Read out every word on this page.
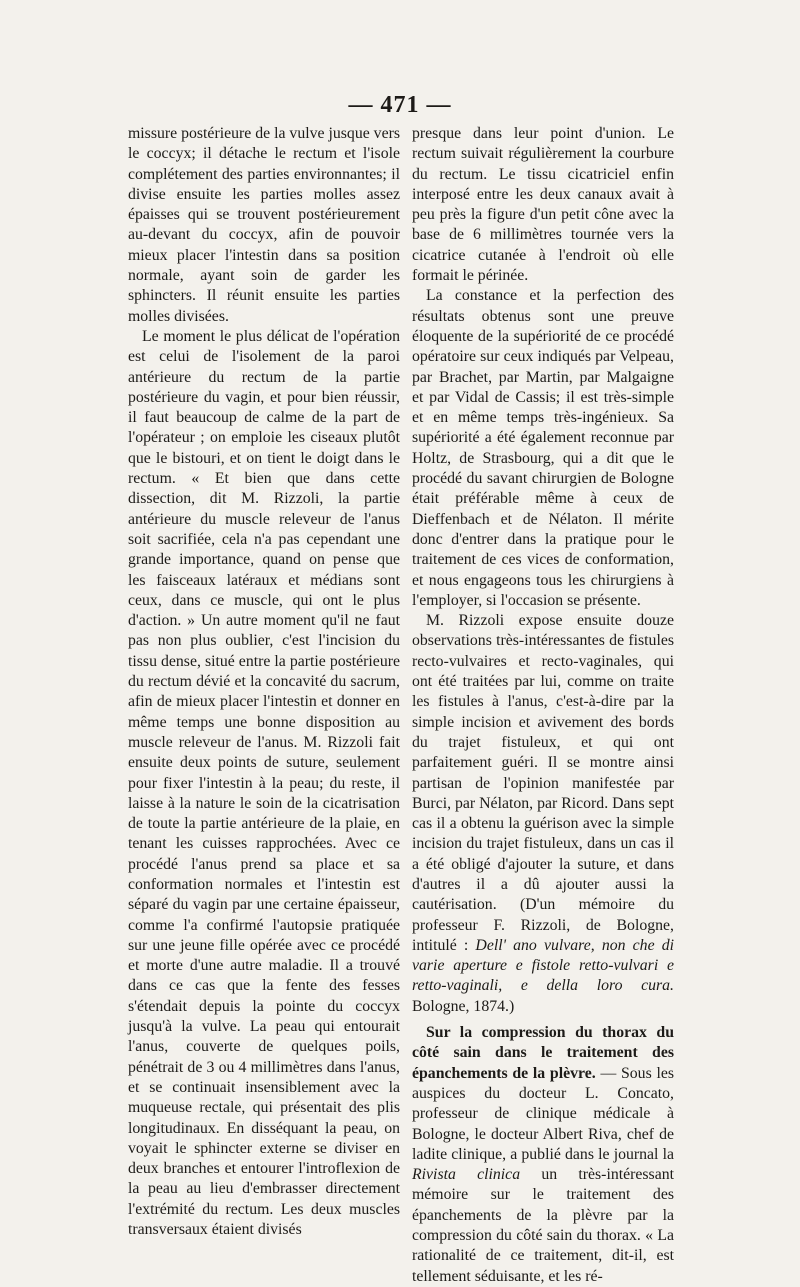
— 471 —

missure postérieure de la vulve jusque vers le coccyx; il détache le rectum et l'isole complétement des parties environnantes; il divise ensuite les parties molles assez épaisses qui se trouvent postérieurement au-devant du coccyx, afin de pouvoir mieux placer l'intestin dans sa position normale, ayant soin de garder les sphincters. Il réunit ensuite les parties molles divisées.

Le moment le plus délicat de l'opération est celui de l'isolement de la paroi antérieure du rectum de la partie postérieure du vagin, et pour bien réussir, il faut beaucoup de calme de la part de l'opérateur ; on emploie les ciseaux plutôt que le bistouri, et on tient le doigt dans le rectum. « Et bien que dans cette dissection, dit M. Rizzoli, la partie antérieure du muscle releveur de l'anus soit sacrifiée, cela n'a pas cependant une grande importance, quand on pense que les faisceaux latéraux et médians sont ceux, dans ce muscle, qui ont le plus d'action. » Un autre moment qu'il ne faut pas non plus oublier, c'est l'incision du tissu dense, situé entre la partie postérieure du rectum dévié et la concavité du sacrum, afin de mieux placer l'intestin et donner en même temps une bonne disposition au muscle releveur de l'anus. M. Rizzoli fait ensuite deux points de suture, seulement pour fixer l'intestin à la peau; du reste, il laisse à la nature le soin de la cicatrisation de toute la partie antérieure de la plaie, en tenant les cuisses rapprochées. Avec ce procédé l'anus prend sa place et sa conformation normales et l'intestin est séparé du vagin par une certaine épaisseur, comme l'a confirmé l'autopsie pratiquée sur une jeune fille opérée avec ce procédé et morte d'une autre maladie. Il a trouvé dans ce cas que la fente des fesses s'étendait depuis la pointe du coccyx jusqu'à la vulve. La peau qui entourait l'anus, couverte de quelques poils, pénétrait de 3 ou 4 millimètres dans l'anus, et se continuait insensiblement avec la muqueuse rectale, qui présentait des plis longitudinaux. En disséquant la peau, on voyait le sphincter externe se diviser en deux branches et entourer l'introflexion de la peau au lieu d'embrasser directement l'extrémité du rectum. Les deux muscles transversaux étaient divisés

presque dans leur point d'union. Le rectum suivait régulièrement la courbure du rectum. Le tissu cicatriciel enfin interposé entre les deux canaux avait à peu près la figure d'un petit cône avec la base de 6 millimètres tournée vers la cicatrice cutanée à l'endroit où elle formait le périnée.

La constance et la perfection des résultats obtenus sont une preuve éloquente de la supériorité de ce procédé opératoire sur ceux indiqués par Velpeau, par Brachet, par Martin, par Malgaigne et par Vidal de Cassis; il est très-simple et en même temps très-ingénieux. Sa supériorité a été également reconnue par Holtz, de Strasbourg, qui a dit que le procédé du savant chirurgien de Bologne était préférable même à ceux de Dieffenbach et de Nélaton. Il mérite donc d'entrer dans la pratique pour le traitement de ces vices de conformation, et nous engageons tous les chirurgiens à l'employer, si l'occasion se présente.

M. Rizzoli expose ensuite douze observations très-intéressantes de fistules recto-vulvaires et recto-vaginales, qui ont été traitées par lui, comme on traite les fistules à l'anus, c'est-à-dire par la simple incision et avivement des bords du trajet fistuleux, et qui ont parfaitement guéri. Il se montre ainsi partisan de l'opinion manifestée par Burci, par Nélaton, par Ricord. Dans sept cas il a obtenu la guérison avec la simple incision du trajet fistuleux, dans un cas il a été obligé d'ajouter la suture, et dans d'autres il a dû ajouter aussi la cautérisation. (D'un mémoire du professeur F. Rizzoli, de Bologne, intitulé : Dell' ano vulvare, non che di varie aperture e fistole retto-vulvari e retto-vaginali, e della loro cura. Bologne, 1874.)

Sur la compression du thorax du côté sain dans le traitement des épanchements de la plèvre. — Sous les auspices du docteur L. Concato, professeur de clinique médicale à Bologne, le docteur Albert Riva, chef de ladite clinique, a publié dans le journal la Rivista clinica un très-intéressant mémoire sur le traitement des épanchements de la plèvre par la compression du côté sain du thorax. « La rationalité de ce traitement, dit-il, est tellement séduisante, et les ré-
